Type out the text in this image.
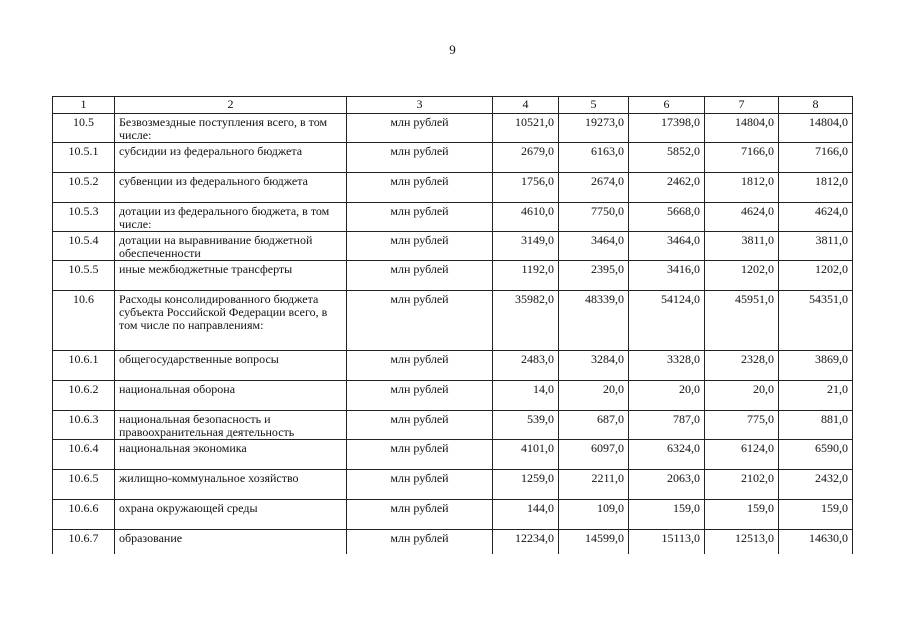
9
1	2	3	4	5	6	7	8
10.5	Безвозмездные поступления всего, в том числе:	млн рублей	10521,0	19273,0	17398,0	14804,0	14804,0
10.5.1	субсидии из федерального бюджета	млн рублей	2679,0	6163,0	5852,0	7166,0	7166,0
10.5.2	субвенции из федерального бюджета	млн рублей	1756,0	2674,0	2462,0	1812,0	1812,0
10.5.3	дотации из федерального бюджета, в том числе:	млн рублей	4610,0	7750,0	5668,0	4624,0	4624,0
10.5.4	дотации на выравнивание бюджетной обеспеченности	млн рублей	3149,0	3464,0	3464,0	3811,0	3811,0
10.5.5	иные межбюджетные трансферты	млн рублей	1192,0	2395,0	3416,0	1202,0	1202,0
10.6	Расходы консолидированного бюджета субъекта Российской Федерации всего, в том числе по направлениям:	млн рублей	35982,0	48339,0	54124,0	45951,0	54351,0
10.6.1	общегосударственные вопросы	млн рублей	2483,0	3284,0	3328,0	2328,0	3869,0
10.6.2	национальная оборона	млн рублей	14,0	20,0	20,0	20,0	21,0
10.6.3	национальная безопасность и правоохранительная деятельность	млн рублей	539,0	687,0	787,0	775,0	881,0
10.6.4	национальная экономика	млн рублей	4101,0	6097,0	6324,0	6124,0	6590,0
10.6.5	жилищно-коммунальное хозяйство	млн рублей	1259,0	2211,0	2063,0	2102,0	2432,0
10.6.6	охрана окружающей среды	млн рублей	144,0	109,0	159,0	159,0	159,0
10.6.7	образование	млн рублей	12234,0	14599,0	15113,0	12513,0	14630,0
